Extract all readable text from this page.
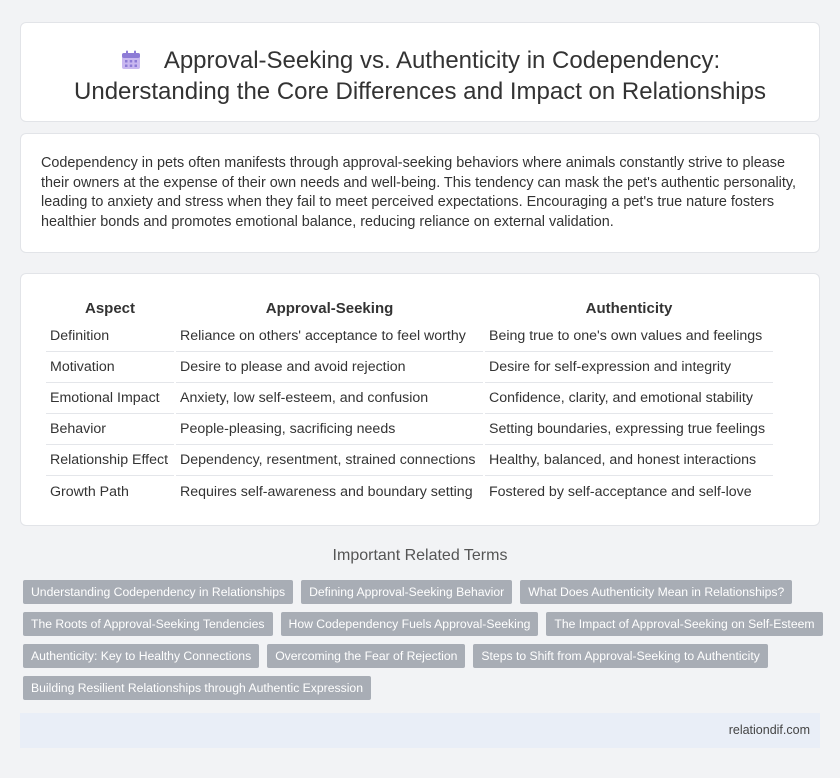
Approval-Seeking vs. Authenticity in Codependency: Understanding the Core Differences and Impact on Relationships

Codependency in pets often manifests through approval-seeking behaviors where animals constantly strive to please their owners at the expense of their own needs and well-being. This tendency can mask the pet's authentic personality, leading to anxiety and stress when they fail to meet perceived expectations. Encouraging a pet's true nature fosters healthier bonds and promotes emotional balance, reducing reliance on external validation.

Aspect	Approval-Seeking	Authenticity
Definition	Reliance on others' acceptance to feel worthy	Being true to one's own values and feelings
Motivation	Desire to please and avoid rejection	Desire for self-expression and integrity
Emotional Impact	Anxiety, low self-esteem, and confusion	Confidence, clarity, and emotional stability
Behavior	People-pleasing, sacrificing needs	Setting boundaries, expressing true feelings
Relationship Effect	Dependency, resentment, strained connections	Healthy, balanced, and honest interactions
Growth Path	Requires self-awareness and boundary setting	Fostered by self-acceptance and self-love
Important Related Terms
Understanding Codependency in Relationships	Defining Approval-Seeking Behavior	What Does Authenticity Mean in Relationships?
The Roots of Approval-Seeking Tendencies	How Codependency Fuels Approval-Seeking	The Impact of Approval-Seeking on Self-Esteem
Authenticity: Key to Healthy Connections	Overcoming the Fear of Rejection	Steps to Shift from Approval-Seeking to Authenticity
Building Resilient Relationships through Authentic Expression
relationdif.com
